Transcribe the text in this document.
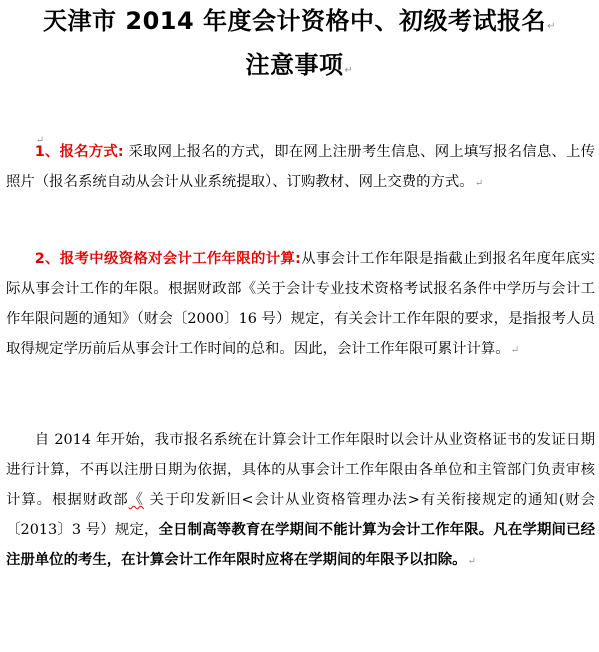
天津市 2014 年度会计资格中、初级考试报名↵
注意事项↵

↵

1、报名方式: 采取网上报名的方式，即在网上注册考生信息、网上填写报名信息、上传照片（报名系统自动从会计从业系统提取）、订购教材、网上交费的方式。↵

2、报考中级资格对会计工作年限的计算:从事会计工作年限是指截止到报名年度年底实际从事会计工作的年限。根据财政部《关于会计专业技术资格考试报名条件中学历与会计工作年限问题的通知》（财会〔2000〕16 号）规定，有关会计工作年限的要求，是指报考人员取得规定学历前后从事会计工作时间的总和。因此，会计工作年限可累计计算。↵

自 2014 年开始，我市报名系统在计算会计工作年限时以会计从业资格证书的发证日期进行计算，不再以注册日期为依据，具体的从事会计工作年限由各单位和主管部门负责审核计算。根据财政部《 关于印发新旧<会计从业资格管理办法>有关衔接规定的通知(财会〔2013〕3 号）规定，全日制高等教育在学期间不能计算为会计工作年限。凡在学期间已经注册单位的考生，在计算会计工作年限时应将在学期间的年限予以扣除。↵
